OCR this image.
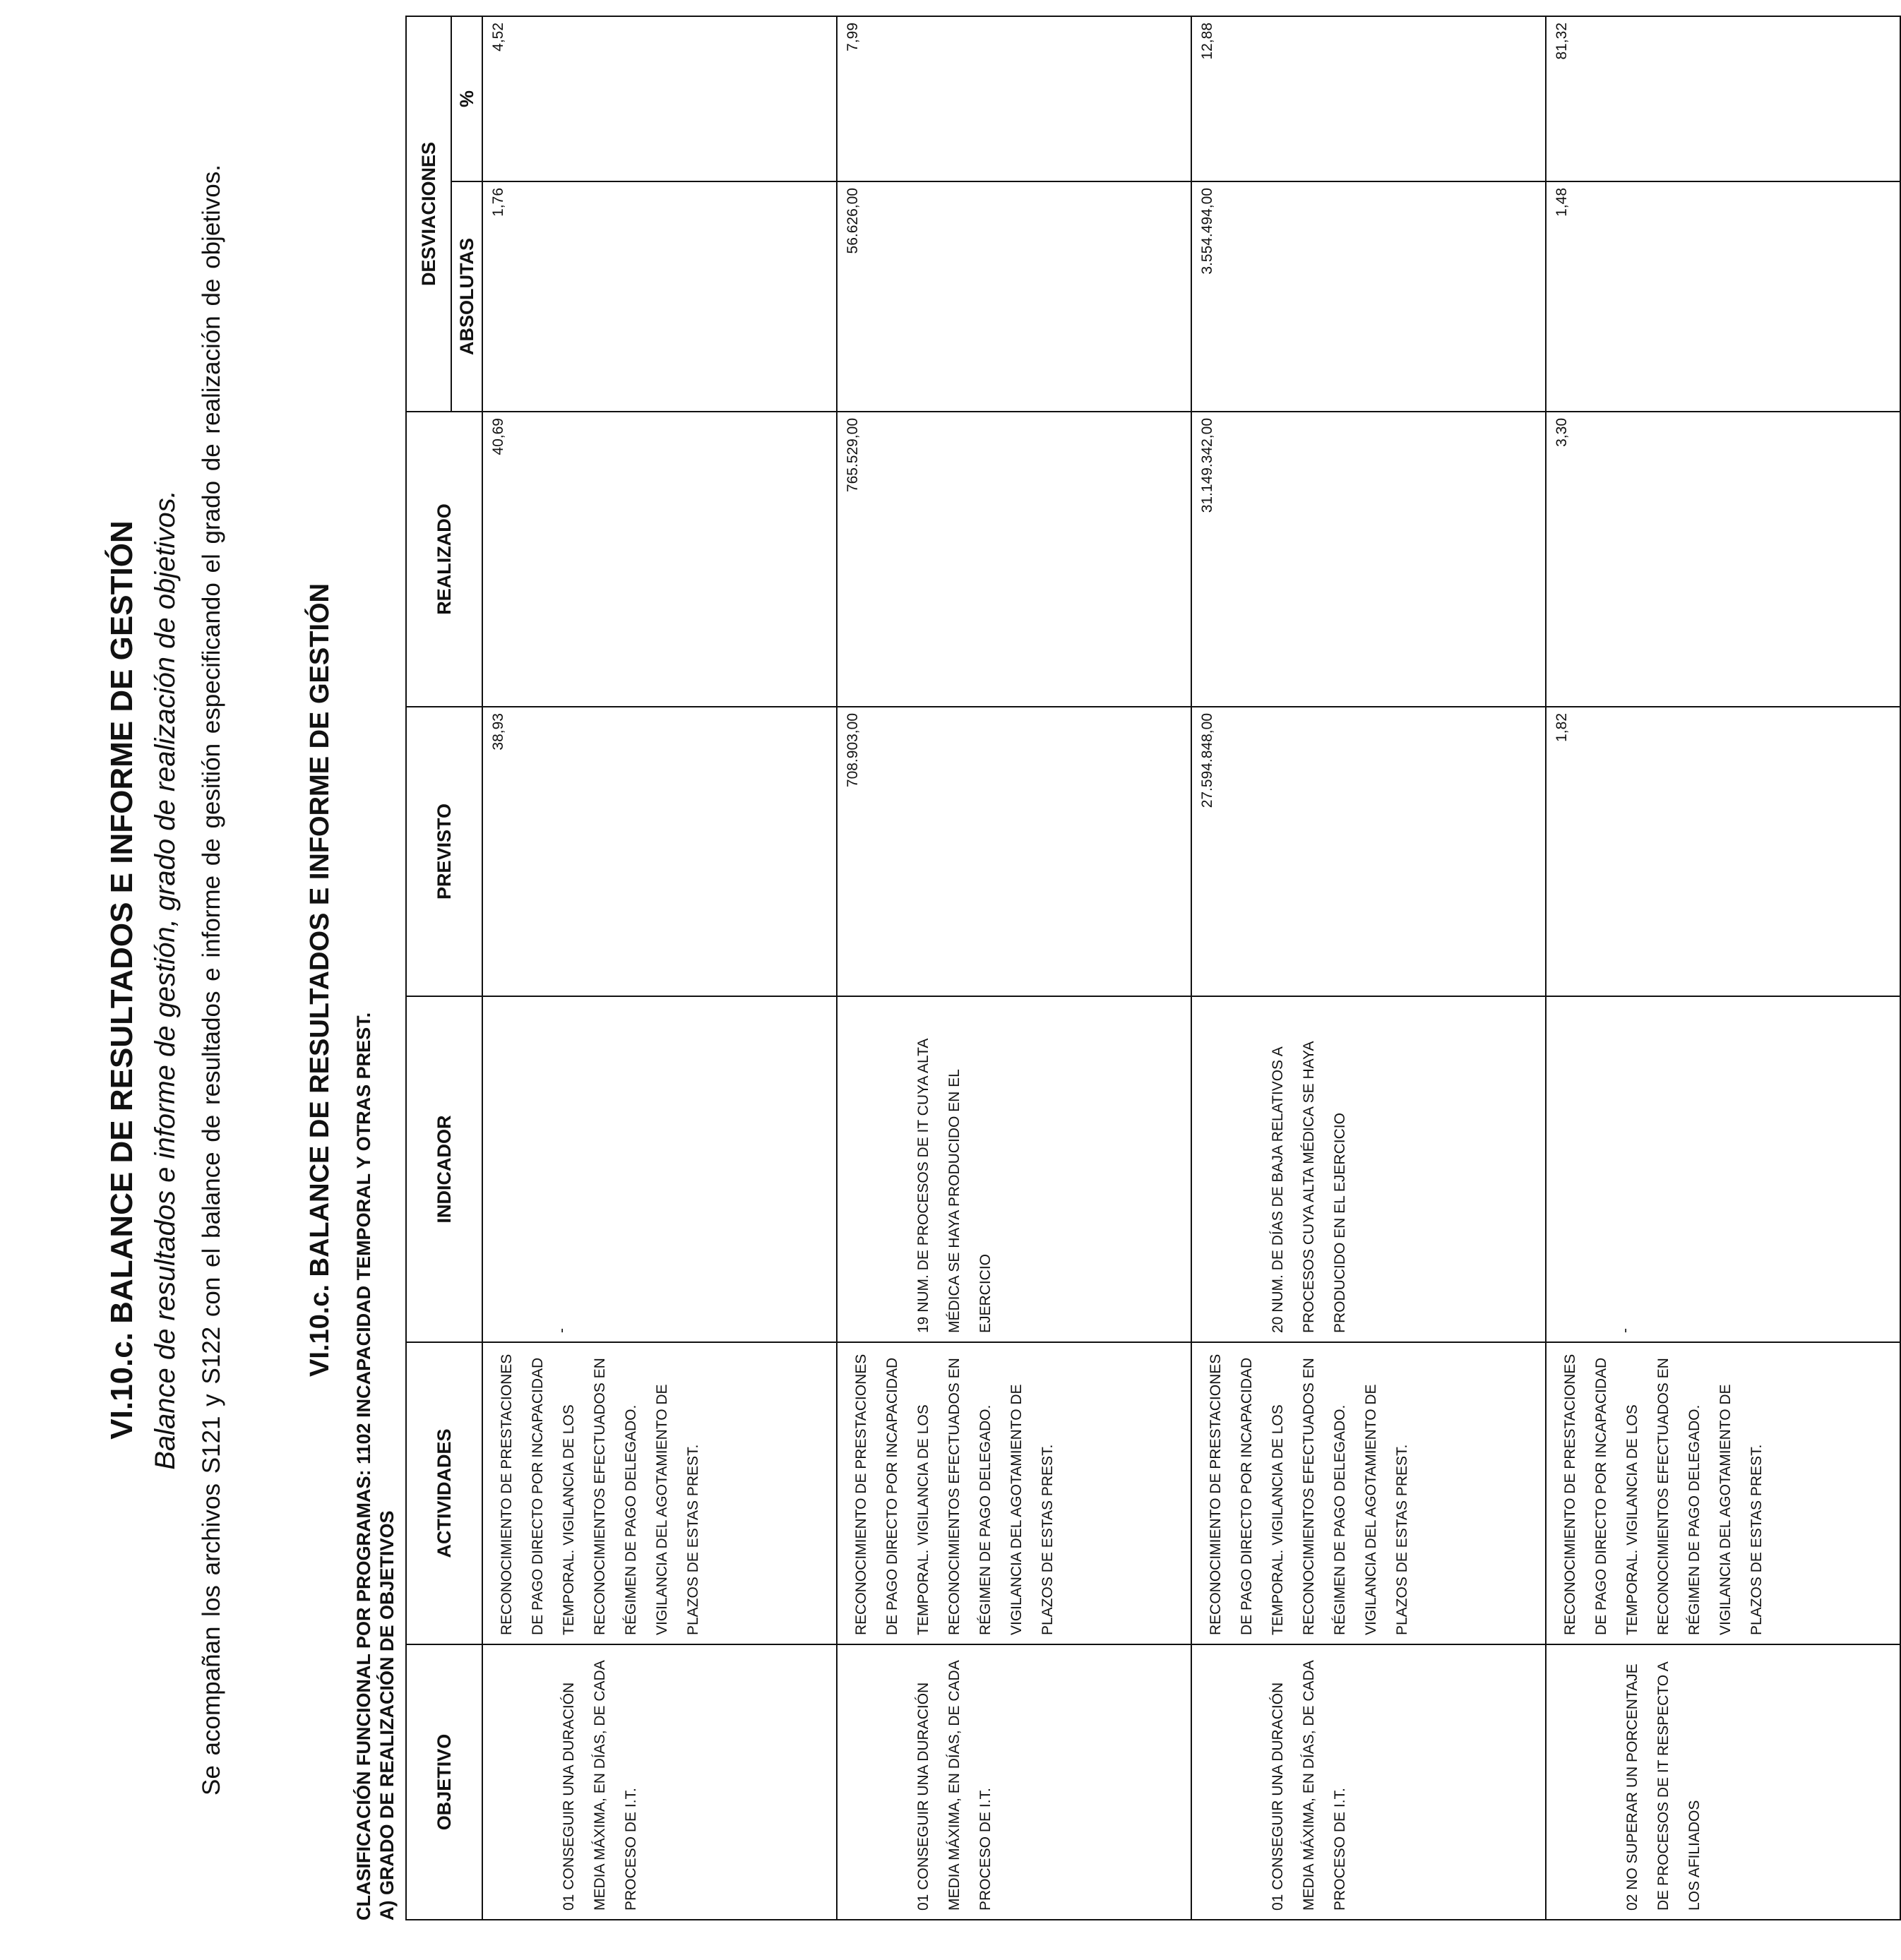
VI.10.c. BALANCE DE RESULTADOS E INFORME DE GESTIÓN Balance de resultados e informe de gestión, grado de realización de objetivos. Se acompañan los archivos S121 y S122 con el balance de resultados e informe de gesitión especificando el grado de realización de objetivos.	VI.10.c. BALANCE DE RESULTADOS E INFORME DE GESTIÓN
CLASIFICACIÓN FUNCIONAL POR PROGRAMAS: 1102 INCAPACIDAD TEMPORAL Y OTRAS PREST. A) GRADO DE REALIZACIÓN DE OBJETIVOS OBJETIVO	ACTIVIDADES	INDICADOR	PREVISTO	REALIZADO	DESVIACIONES	
					ABSOLUTAS	%
01 CONSEGUIR UNA DURACIÓN MEDIA MÁXIMA, EN DÍAS, DE CADA PROCESO DE I.T.	RECONOCIMIENTO DE PRESTACIONES DE PAGO DIRECTO POR INCAPACIDAD TEMPORAL. VIGILANCIA DE LOS RECONOCIMIENTOS EFECTUADOS EN RÉGIMEN DE PAGO DELEGADO. VIGILANCIA DEL AGOTAMIENTO DE PLAZOS DE ESTAS PREST.	-	38,93	40,69	1,76	4,52
01 CONSEGUIR UNA DURACIÓN MEDIA MÁXIMA, EN DÍAS, DE CADA PROCESO DE I.T.	RECONOCIMIENTO DE PRESTACIONES DE PAGO DIRECTO POR INCAPACIDAD TEMPORAL. VIGILANCIA DE LOS RECONOCIMIENTOS EFECTUADOS EN RÉGIMEN DE PAGO DELEGADO. VIGILANCIA DEL AGOTAMIENTO DE PLAZOS DE ESTAS PREST.	19 NUM. DE PROCESOS DE IT CUYA ALTA MÉDICA SE HAYA PRODUCIDO EN EL EJERCICIO	708.903,00	765.529,00	56.626,00	7,99
01 CONSEGUIR UNA DURACIÓN MEDIA MÁXIMA, EN DÍAS, DE CADA PROCESO DE I.T.	RECONOCIMIENTO DE PRESTACIONES DE PAGO DIRECTO POR INCAPACIDAD TEMPORAL. VIGILANCIA DE LOS RECONOCIMIENTOS EFECTUADOS EN RÉGIMEN DE PAGO DELEGADO. VIGILANCIA DEL AGOTAMIENTO DE PLAZOS DE ESTAS PREST.	20 NUM. DE DÍAS DE BAJA RELATIVOS A PROCESOS CUYA ALTA MÉDICA SE HAYA PRODUCIDO EN EL EJERCICIO	27.594.848,00	31.149.342,00	3.554.494,00	12,88
02 NO SUPERAR UN PORCENTAJE DE PROCESOS DE IT RESPECTO A LOS AFILIADOS	RECONOCIMIENTO DE PRESTACIONES DE PAGO DIRECTO POR INCAPACIDAD TEMPORAL. VIGILANCIA DE LOS RECONOCIMIENTOS EFECTUADOS EN RÉGIMEN DE PAGO DELEGADO. VIGILANCIA DEL AGOTAMIENTO DE PLAZOS DE ESTAS PREST.	-	1,82	3,30	1,48	81,32
